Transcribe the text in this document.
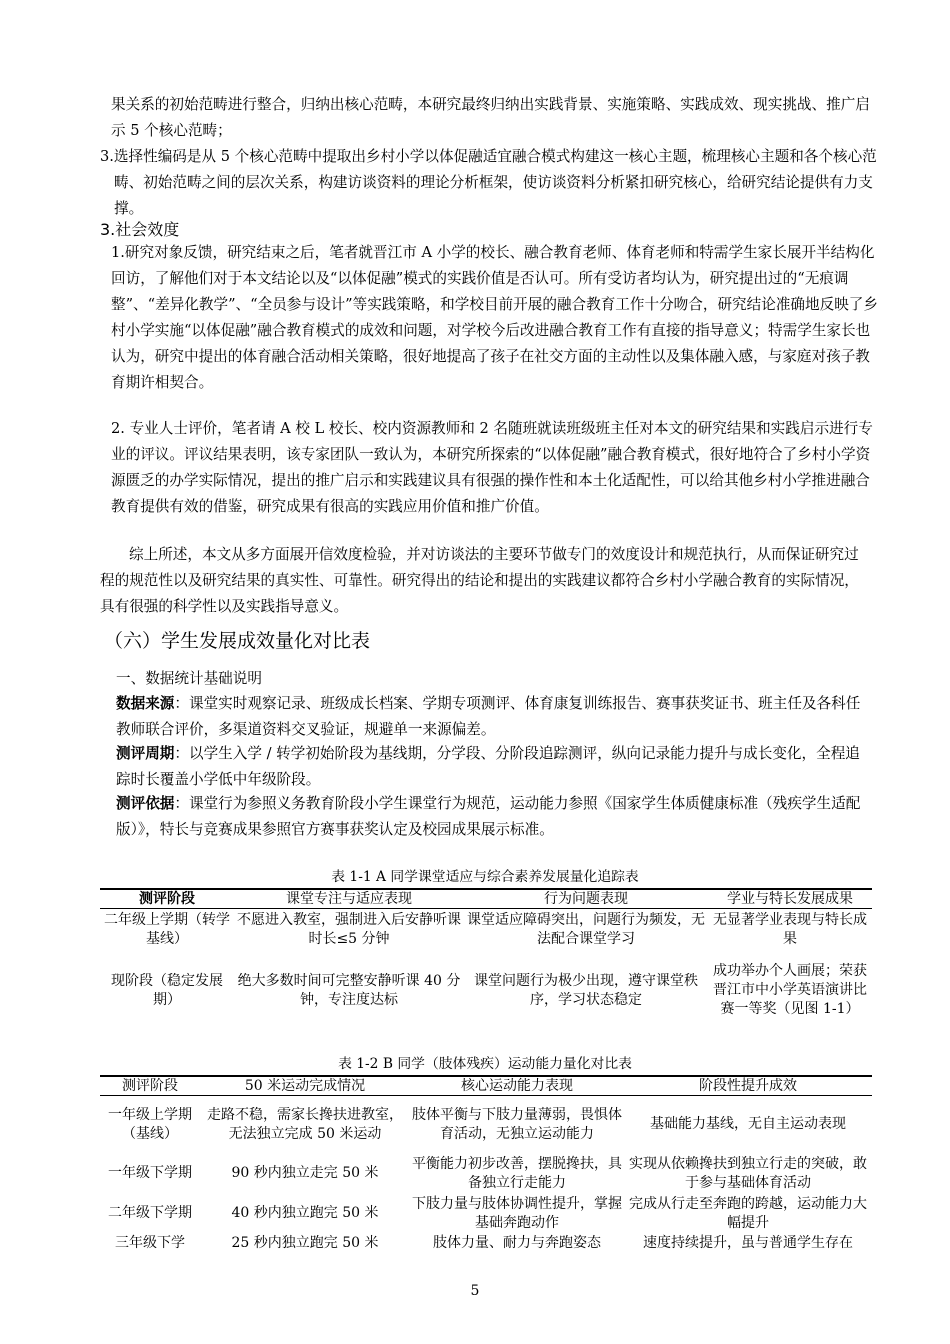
果关系的初始范畴进行整合，归纳出核心范畴，本研究最终归纳出实践背景、实施策略、实践成效、现实挑战、推广启示 5 个核心范畴；

3.选择性编码是从 5 个核心范畴中提取出乡村小学以体促融适宜融合模式构建这一核心主题，梳理核心主题和各个核心范畴、初始范畴之间的层次关系，构建访谈资料的理论分析框架，使访谈资料分析紧扣研究核心，给研究结论提供有力支撑。

3.社会效度

1.研究对象反馈，研究结束之后，笔者就晋江市 A 小学的校长、融合教育老师、体育老师和特需学生家长展开半结构化回访，了解他们对于本文结论以及“以体促融”模式的实践价值是否认可。所有受访者均认为，研究提出过的“无痕调整”、“差异化教学”、“全员参与设计”等实践策略，和学校目前开展的融合教育工作十分吻合，研究结论准确地反映了乡村小学实施“以体促融”融合教育模式的成效和问题，对学校今后改进融合教育工作有直接的指导意义；特需学生家长也认为，研究中提出的体育融合活动相关策略，很好地提高了孩子在社交方面的主动性以及集体融入感，与家庭对孩子教育期许相契合。

2. 专业人士评价，笔者请 A 校 L 校长、校内资源教师和 2 名随班就读班级班主任对本文的研究结果和实践启示进行专业的评议。评议结果表明，该专家团队一致认为，本研究所探索的“以体促融”融合教育模式，很好地符合了乡村小学资源匮乏的办学实际情况，提出的推广启示和实践建议具有很强的操作性和本土化适配性，可以给其他乡村小学推进融合教育提供有效的借鉴，研究成果有很高的实践应用价值和推广价值。

综上所述，本文从多方面展开信效度检验，并对访谈法的主要环节做专门的效度设计和规范执行，从而保证研究过程的规范性以及研究结果的真实性、可靠性。研究得出的结论和提出的实践建议都符合乡村小学融合教育的实际情况，具有很强的科学性以及实践指导意义。

（六）学生发展成效量化对比表

一、数据统计基础说明

数据来源：课堂实时观察记录、班级成长档案、学期专项测评、体育康复训练报告、赛事获奖证书、班主任及各科任教师联合评价，多渠道资料交叉验证，规避单一来源偏差。

测评周期：以学生入学 / 转学初始阶段为基线期，分学段、分阶段追踪测评，纵向记录能力提升与成长变化，全程追踪时长覆盖小学低中年级阶段。

测评依据：课堂行为参照义务教育阶段小学生课堂行为规范，运动能力参照《国家学生体质健康标准（残疾学生适配版）》，特长与竞赛成果参照官方赛事获奖认定及校园成果展示标准。

表 1-1 A 同学课堂适应与综合素养发展量化追踪表

测评阶段	课堂专注与适应表现	行为问题表现	学业与特长发展成果
二年级上学期（转学基线）	不愿进入教室，强制进入后安静听课时长≤5 分钟	课堂适应障碍突出，问题行为频发，无法配合课堂学习	无显著学业表现与特长成果
现阶段（稳定发展期）	绝大多数时间可完整安静听课 40 分钟，专注度达标	课堂问题行为极少出现，遵守课堂秩序，学习状态稳定	成功举办个人画展；荣获晋江市中小学英语演讲比赛一等奖（见图 1-1）

表 1-2 B 同学（肢体残疾）运动能力量化对比表

测评阶段	50 米运动完成情况	核心运动能力表现	阶段性提升成效
一年级上学期（基线）	走路不稳，需家长搀扶进教室，无法独立完成 50 米运动	肢体平衡与下肢力量薄弱，畏惧体育活动，无独立运动能力	基础能力基线，无自主运动表现
一年级下学期	90 秒内独立走完 50 米	平衡能力初步改善，摆脱搀扶，具备独立行走能力	实现从依赖搀扶到独立行走的突破，敢于参与基础体育活动
二年级下学期	40 秒内独立跑完 50 米	下肢力量与肢体协调性提升，掌握基础奔跑动作	完成从行走至奔跑的跨越，运动能力大幅提升
三年级下学	25 秒内独立跑完 50 米	肢体力量、耐力与奔跑姿态	速度持续提升，虽与普通学生存在

5
